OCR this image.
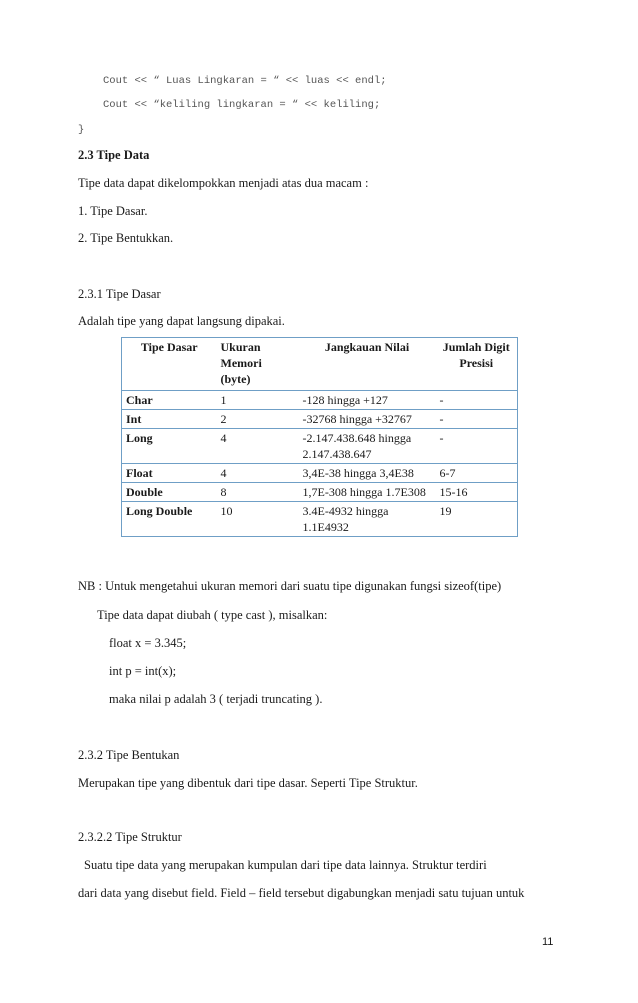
Cout << “ Luas Lingkaran = “ << luas << endl;
Cout << “keliling lingkaran = “ << keliling;
}
2.3 Tipe Data
Tipe data dapat dikelompokkan menjadi atas dua macam :
1. Tipe Dasar.
2. Tipe Bentukkan.
2.3.1 Tipe Dasar
Adalah tipe yang dapat langsung dipakai.
Tipe Dasar	Ukuran Memori (byte)	Jangkauan Nilai	Jumlah Digit Presisi
Char	1	-128 hingga +127	-
Int	2	-32768 hingga +32767	-
Long	4	-2.147.438.648 hingga 2.147.438.647	-
Float	4	3,4E-38 hingga 3,4E38	6-7
Double	8	1,7E-308 hingga 1.7E308	15-16
Long Double	10	3.4E-4932 hingga 1.1E4932	19
NB : Untuk mengetahui ukuran memori dari suatu tipe digunakan fungsi sizeof(tipe)
Tipe data dapat diubah ( type cast ), misalkan:
float x = 3.345;
int p = int(x);
maka nilai p adalah 3 ( terjadi truncating ).
2.3.2 Tipe Bentukan
Merupakan tipe yang dibentuk dari tipe dasar. Seperti Tipe Struktur.
2.3.2.2 Tipe Struktur
Suatu tipe data yang merupakan kumpulan dari tipe data lainnya. Struktur terdiri
dari data yang disebut field. Field – field tersebut digabungkan menjadi satu tujuan untuk
11
